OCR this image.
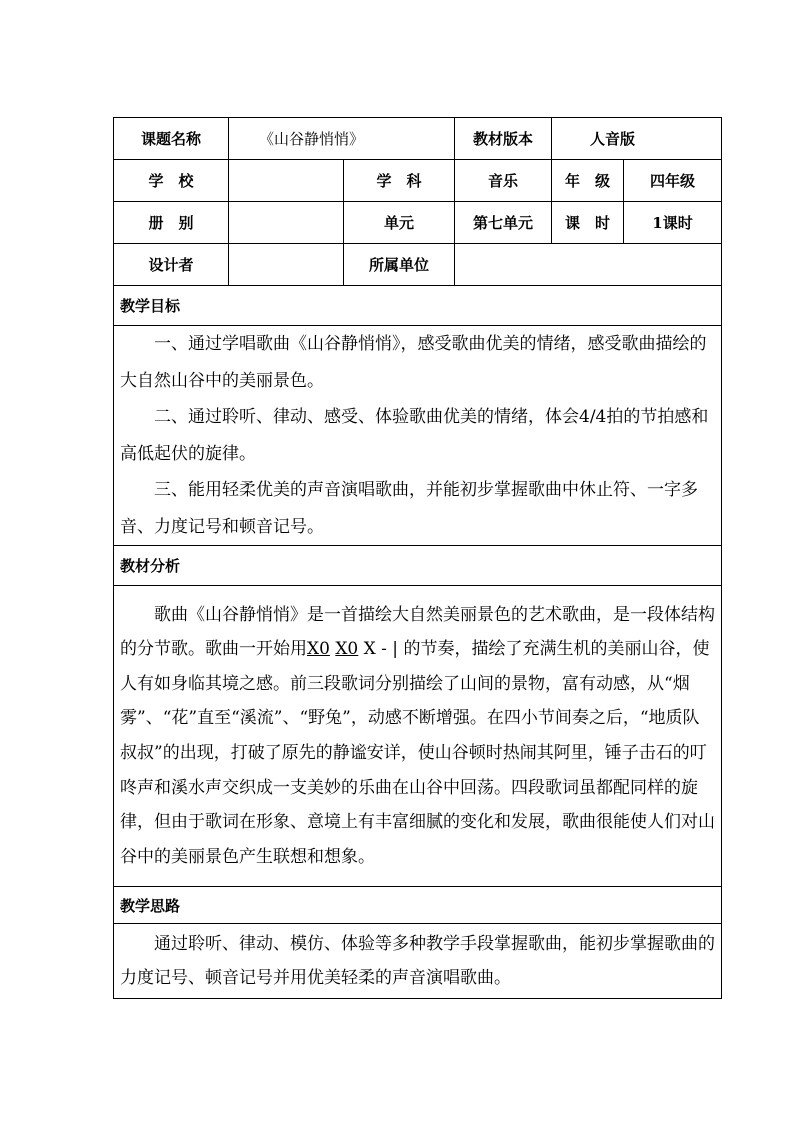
课题名称	《山谷静悄悄》		教材版本	人音版	
学　校		学　科	音乐	年　级	四年级
册　别		单元	第七单元	课　时	1课时
设计者		所属单位			
教学目标					

一、通过学唱歌曲《山谷静悄悄》，感受歌曲优美的情绪，感受歌曲描绘的大自然山谷中的美丽景色。

二、通过聆听、律动、感受、体验歌曲优美的情绪，体会4/4拍的节拍感和高低起伏的旋律。

三、能用轻柔优美的声音演唱歌曲，并能初步掌握歌曲中休止符、一字多音、力度记号和顿音记号。					

教材分析					

歌曲《山谷静悄悄》是一首描绘大自然美丽景色的艺术歌曲，是一段体结构的分节歌。歌曲一开始用X0 X0 X - | 的节奏，描绘了充满生机的美丽山谷，使人有如身临其境之感。前三段歌词分别描绘了山间的景物，富有动感，从“烟雾”、“花”直至“溪流”、“野兔”，动感不断增强。在四小节间奏之后，“地质队叔叔”的出现，打破了原先的静谧安详，使山谷顿时热闹其阿里，锤子击石的叮咚声和溪水声交织成一支美妙的乐曲在山谷中回荡。四段歌词虽都配同样的旋律，但由于歌词在形象、意境上有丰富细腻的变化和发展，歌曲很能使人们对山谷中的美丽景色产生联想和想象。					

教学思路					

通过聆听、律动、模仿、体验等多种教学手段掌握歌曲，能初步掌握歌曲的力度记号、顿音记号并用优美轻柔的声音演唱歌曲。					
